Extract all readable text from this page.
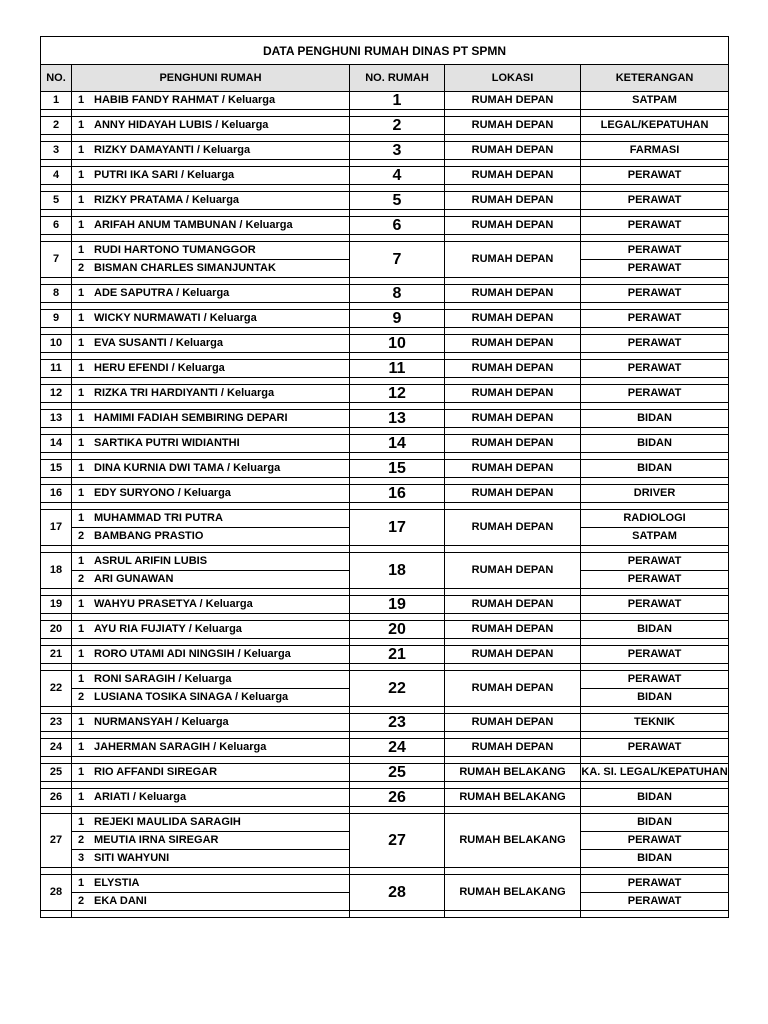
DATA PENGHUNI RUMAH DINAS PT SPMN				
NO.	PENGHUNI RUMAH	NO. RUMAH	LOKASI	KETERANGAN
1	1 HABIB FANDY RAHMAT / Keluarga	1	RUMAH DEPAN	SATPAM

2	1 ANNY HIDAYAH LUBIS / Keluarga	2	RUMAH DEPAN	LEGAL/KEPATUHAN

3	1 RIZKY DAMAYANTI / Keluarga	3	RUMAH DEPAN	FARMASI

4	1 PUTRI IKA SARI / Keluarga	4	RUMAH DEPAN	PERAWAT

5	1 RIZKY PRATAMA / Keluarga	5	RUMAH DEPAN	PERAWAT

6	1 ARIFAH ANUM TAMBUNAN / Keluarga	6	RUMAH DEPAN	PERAWAT

7	1 RUDI HARTONO TUMANGGOR	7	RUMAH DEPAN	PERAWAT
	2 BISMAN CHARLES SIMANJUNTAK			PERAWAT

8	1 ADE SAPUTRA / Keluarga	8	RUMAH DEPAN	PERAWAT

9	1 WICKY NURMAWATI / Keluarga	9	RUMAH DEPAN	PERAWAT

10	1 EVA SUSANTI / Keluarga	10	RUMAH DEPAN	PERAWAT

11	1 HERU EFENDI / Keluarga	11	RUMAH DEPAN	PERAWAT

12	1 RIZKA TRI HARDIYANTI / Keluarga	12	RUMAH DEPAN	PERAWAT

13	1 HAMIMI FADIAH SEMBIRING DEPARI	13	RUMAH DEPAN	BIDAN

14	1 SARTIKA PUTRI WIDIANTHI	14	RUMAH DEPAN	BIDAN

15	1 DINA KURNIA DWI TAMA / Keluarga	15	RUMAH DEPAN	BIDAN

16	1 EDY SURYONO / Keluarga	16	RUMAH DEPAN	DRIVER

17	1 MUHAMMAD TRI PUTRA	17	RUMAH DEPAN	RADIOLOGI
	2 BAMBANG PRASTIO			SATPAM

18	1 ASRUL ARIFIN LUBIS	18	RUMAH DEPAN	PERAWAT
	2 ARI GUNAWAN			PERAWAT

19	1 WAHYU PRASETYA / Keluarga	19	RUMAH DEPAN	PERAWAT

20	1 AYU RIA FUJIATY / Keluarga	20	RUMAH DEPAN	BIDAN

21	1 RORO UTAMI ADI NINGSIH / Keluarga	21	RUMAH DEPAN	PERAWAT

22	1 RONI SARAGIH / Keluarga	22	RUMAH DEPAN	PERAWAT
	2 LUSIANA TOSIKA SINAGA / Keluarga			BIDAN

23	1 NURMANSYAH / Keluarga	23	RUMAH DEPAN	TEKNIK

24	1 JAHERMAN SARAGIH / Keluarga	24	RUMAH DEPAN	PERAWAT

25	1 RIO AFFANDI SIREGAR	25	RUMAH BELAKANG	KA. SI. LEGAL/KEPATUHAN

26	1 ARIATI / Keluarga	26	RUMAH BELAKANG	BIDAN

27	1 REJEKI MAULIDA SARAGIH	27	RUMAH BELAKANG	BIDAN
	2 MEUTIA IRNA SIREGAR			PERAWAT
	3 SITI WAHYUNI			BIDAN

28	1 ELYSTIA	28	RUMAH BELAKANG	PERAWAT
	2 EKA DANI			PERAWAT
